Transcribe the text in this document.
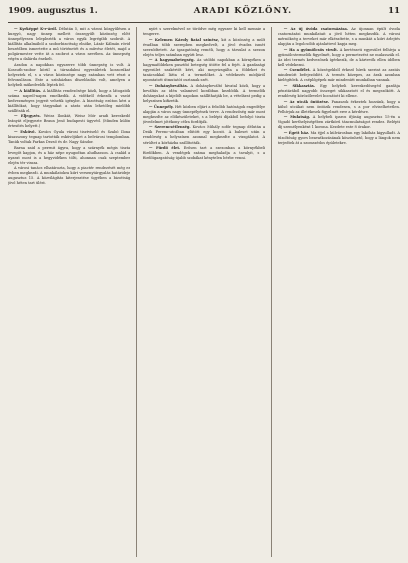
1909. augusztus 1.	ARADI KÖZLÖNY.	11

— Kyrképpé K-r-áról. Délután 5, mit a városi közgyűlésen a kurgyó, nagy ünnep mellett összegyűlt közönség előtt ünnepélyesen leleplezték a város egyik legrégibb szobrát. A kiállítás alkalmából a szoborbizottság elnöke, Lázár Kálmán rövid beszédben ismertette a mű történetét és a művész életét, majd a polgármester vette át a szobrot a város nevében. Az ünnepség végén a dalárda énekelt.

Aradon a napokban egyszerre több ünnepség is volt. A Kossuth-szobor körül a társadalmi egyesületek koszorúkat helyeztek el, s a város közönsége nagy számban vett részt a felvonuláson. Este a színházban díszelőadás volt, amelyen a helybeli műkedvelők léptek fel.

— A kiállítás. A kiállítás rendezősége közli, hogy a látogatók száma napról-napra emelkedik. A vidékről érkezők a vasút kedvezményes jegyeit vehetik igénybe. A bizottság ezúton kéri a kiállítókat, hogy tárgyaikat a zárás után lehetőleg mielőbb szállítsák el.

— Eljegyzés. Weisz Ilonkát, Weisz Mór aradi kereskedő leányát eljegyezte Braun Jenő budapesti ügyvéd. (Minden külön értesítés helyett.)

— Esküvő. Kovács Gyula városi tisztviselő és Szabó Ilona kisasszony tegnap tartották esküvőjüket a belvárosi templomban. Tanúk voltak Farkas Dezső és dr. Nagy Sándor.

Barna zaid a perrnit ágyra, hogy a szárnyék mégis tiszta levegőt kapjon, és a ház népe nyugodtan aludhasson. A család a nyarat most is a hegyvidéken tölti, ahonnan csak szeptember elején tér vissza.

A városi tanács elhatározta, hogy a piactér rendezését még ez évben megkezdi. A munkálatokra kiírt versenytárgyalás határideje augusztus 15. A közvilágítás kiterjesztése ügyében a bizottság jövő héten tart ülést.

nyírt s szerelmével se törődve még egyszer ki kell mennie a tengerre.

— Kelemen Károly fiatal színész, kit a közönség a múlt évadban több szerepben megkedvelt, a jövő évadra ismét szerződtetett. Az igazgatóság reméli, hogy a társulat a szezon elején teljes számban együtt lesz.

— A hagymabetegség. Az utóbbi napokban a környéken a hagymaföldeken pusztító betegség ütötte fel a fejét. A gazdasági egyesület szakértőt kért, aki megvizsgálta a földeket és tanácsokkal látta el a termelőket. A védekezés módjáról nyomtatott útmutatót osztanak szét.

— Dohánybeváltás. A dohánybeváltó hivatal közli, hogy a beváltás az idén valamivel korábban kezdődik. A termelők dohányukat a kijelölt napokon szállíthatják be, a vételárat pedig a helyszínen kifizetik.

— Ünnepély. Hét közben eljárt a felsőbb hatóságok engedélye alapján a város nagy ünnepélyének terve. A rendezőség már most megkezdte az előkészületeket, s a belépti díjakból befolyó tiszta jövedelmet jótékony célra fordítják.

— Szerencsétlenség. Kovács Mihály sofőr tegnap délután a Deák Ferenc-utcában elütött egy kocsit. A baleset után a rendőrség a helyszínen azonnal megkezdte a vizsgálatot. A sérültet a kórházba szállították.

— Fürdő élet. Erősen tart a szezonban a környékbeli fürdőkben. A vendégek száma meghaladja a tavalyit, s a fürdőigazgatóság újabb szobákat kénytelen bérbe venni.

— Az új óvóda csatornázása. Az újonnan épült óvoda csatornázási munkálatait a jövő héten megkezdik. A városi mérnökség a terveket már elkészítette, s a munkát a kiírt árlejtés alapján a legolcsóbb ajánlattevő kapja meg.

— Ha a gyümölcsös virult. A kertészeti egyesület felhívja a gyümölcstermelők figyelmét, hogy a permetezést ne mulasszák el. Az idei termés kedvezőnek ígérkezik, de a kártevők ellen időben kell védekezni.

— Csendélet. A községekből érkező hírek szerint az aratás mindenütt befejeződött. A termés közepes, az árak azonban kielégítőek. A cséplőgépek már mindenütt munkában vannak.

— Sikkasztás. Egy helybeli kereskedősegéd gazdája pénztárából nagyobb összeget sikkasztott el és megszökött. A rendőrség körözőlevelet bocsátott ki ellene.

— Az utcák öntözése. Panaszok érkeztek hozzánk, hogy a külső utcákat nem öntözik rendesen, s a por elviselhetetlen. Felhívjuk az illetékesek figyelmét erre a kérdésre.

— Mulatság. A helybeli iparos ifjúság augusztus 15-én a Vigadó kerthelyiségében zártkörű táncmulatságot rendez. Belépti díj személyenként 1 korona. Kezdete este 8 órakor.

— Égett ház. Ma éjjel a külvárosban egy lakóház kigyulladt. A tűzoltóság gyors beavatkozásának köszönhető, hogy a lángok nem terjedtek át a szomszédos épületekre.
